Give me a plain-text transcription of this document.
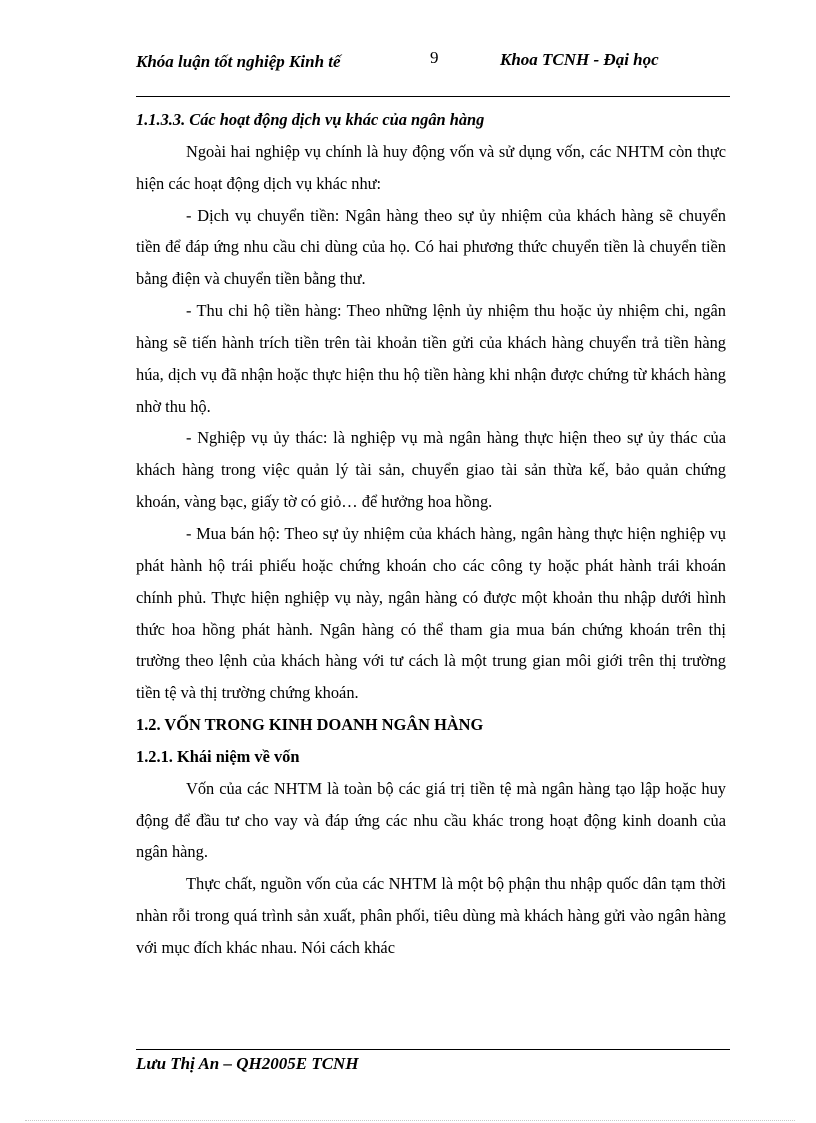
Khóa luận tốt nghiệp Kinh tế	9	Khoa TCNH - Đại học

1.1.3.3. Các hoạt động dịch vụ khác của ngân hàng

Ngoài hai nghiệp vụ chính là huy động vốn và sử dụng vốn, các NHTM còn thực hiện các hoạt động dịch vụ khác như:

- Dịch vụ chuyển tiền: Ngân hàng theo sự ủy nhiệm của khách hàng sẽ chuyển tiền để đáp ứng nhu cầu chi dùng của họ. Có hai phương thức chuyển tiền là chuyển tiền bằng điện và chuyển tiền bằng thư.

- Thu chi hộ tiền hàng: Theo những lệnh ủy nhiệm thu hoặc ủy nhiệm chi, ngân hàng sẽ tiến hành trích tiền trên tài khoản tiền gửi của khách hàng chuyển trả tiền hàng húa, dịch vụ đã nhận hoặc thực hiện thu hộ tiền hàng khi nhận được chứng từ khách hàng nhờ thu hộ.

- Nghiệp vụ ủy thác: là nghiệp vụ mà ngân hàng thực hiện theo sự ủy thác của khách hàng trong việc quản lý tài sản, chuyển giao tài sản thừa kế, bảo quản chứng khoán, vàng bạc, giấy tờ có giỏ… để hưởng hoa hồng.

- Mua bán hộ: Theo sự ủy nhiệm của khách hàng, ngân hàng thực hiện nghiệp vụ phát hành hộ trái phiếu hoặc chứng khoán cho các công ty hoặc phát hành trái khoán chính phủ. Thực hiện nghiệp vụ này, ngân hàng có được một khoản thu nhập dưới hình thức hoa hồng phát hành. Ngân hàng có thể tham gia mua bán chứng khoán trên thị trường theo lệnh của khách hàng với tư cách là một trung gian môi giới trên thị trường tiền tệ và thị trường chứng khoán.

1.2. VỐN TRONG KINH DOANH NGÂN HÀNG

1.2.1. Khái niệm về vốn

Vốn của các NHTM là toàn bộ các giá trị tiền tệ mà ngân hàng tạo lập hoặc huy động để đầu tư cho vay và đáp ứng các nhu cầu khác trong hoạt động kinh doanh của ngân hàng.

Thực chất, nguồn vốn của các NHTM là một bộ phận thu nhập quốc dân tạm thời nhàn rỗi trong quá trình sản xuất, phân phối, tiêu dùng mà khách hàng gửi vào ngân hàng với mục đích khác nhau. Nói cách khác

Lưu Thị An – QH2005E TCNH
